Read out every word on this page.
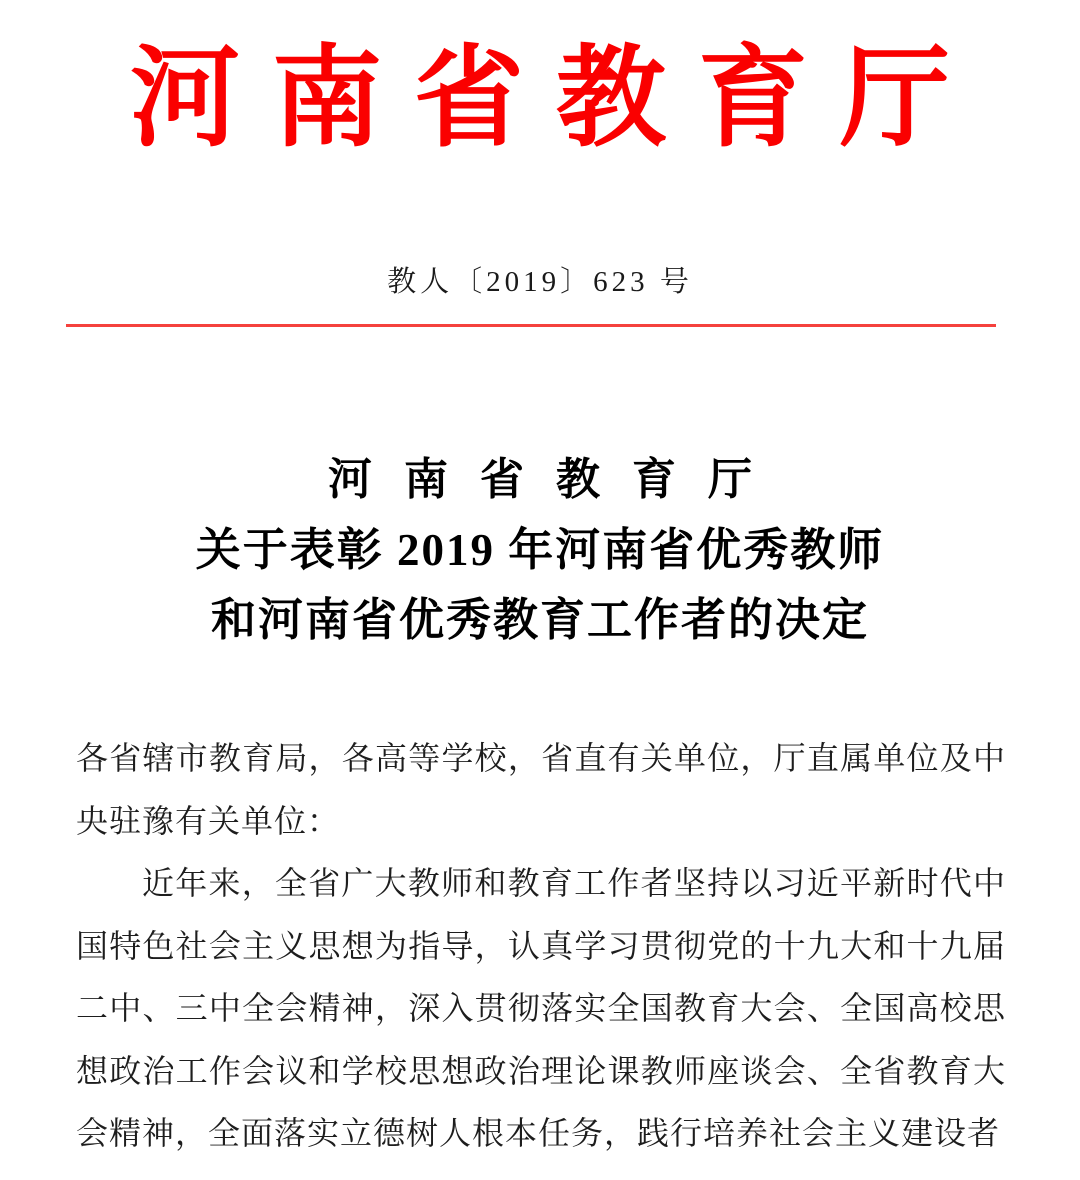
河南省教育厅
教人〔2019〕623 号
河南省教育厅
关于表彰 2019 年河南省优秀教师
和河南省优秀教育工作者的决定

各省辖市教育局，各高等学校，省直有关单位，厅直属单位及中央驻豫有关单位：

近年来，全省广大教师和教育工作者坚持以习近平新时代中国特色社会主义思想为指导，认真学习贯彻党的十九大和十九届二中、三中全会精神，深入贯彻落实全国教育大会、全国高校思想政治工作会议和学校思想政治理论课教师座谈会、全省教育大会精神，全面落实立德树人根本任务，践行培养社会主义建设者
